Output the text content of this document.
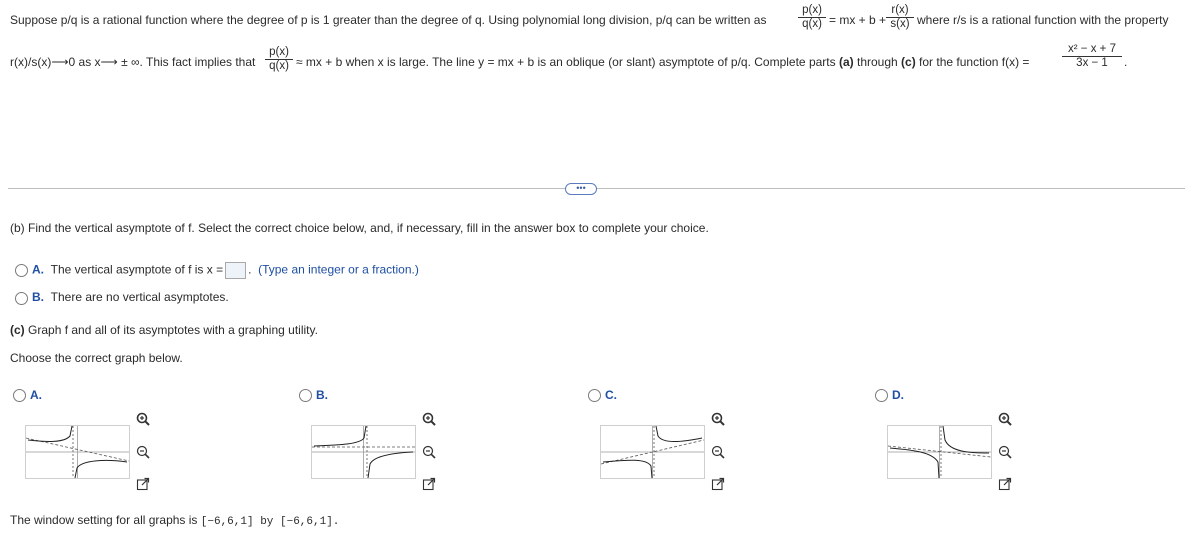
Suppose p/q is a rational function where the degree of p is 1 greater than the degree of q. Using polynomial long division, p/q can be written as	$\frac{p(x)}{q(x)}$ = mx + $b + \frac{r(x)}{s(x)}$ where r/s is a rational function with the property
r(x)/s(x)⟶0 as x⟶ ± ∞. This fact implies that $\frac{p(x)}{q(x)}$ ≈ mx + b when x is large. The line y = mx + b is an oblique (or slant) asymptote of p/q. Complete parts (a) through (c) for the function f(x) =	$\frac{\text{x² − x + 7}}{3x - 1}$ .
•••
(b) Find the vertical asymptote of f. Select the correct choice below, and, if necessary, fill in the answer box to complete your choice.
A. The vertical asymptote of f is x = . (Type an integer or a fraction.)
B. There are no vertical asymptotes.
(c) Graph f and all of its asymptotes with a graphing utility.
Choose the correct graph below.
A.	B.	C.	D.
The window setting for all graphs is [−6,6,1] by [−6,6,1].
